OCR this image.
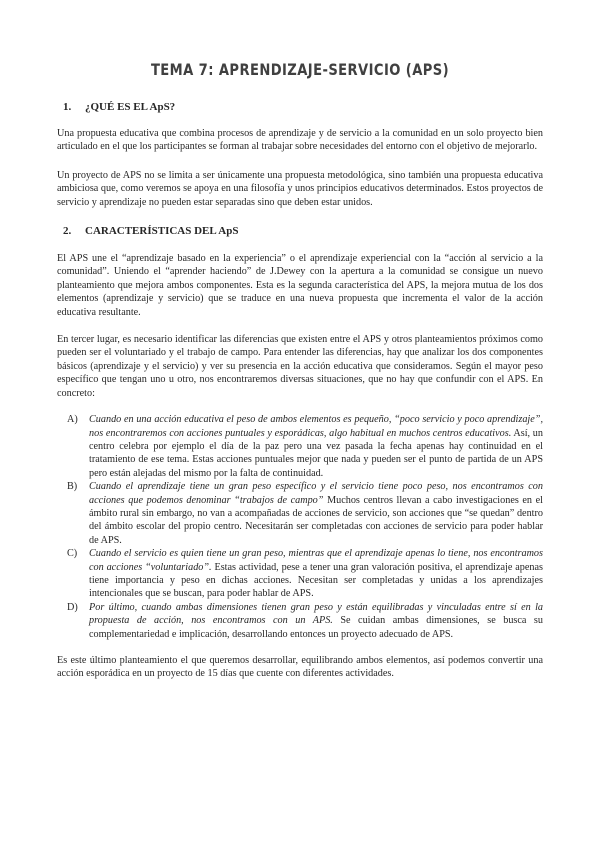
TEMA 7: APRENDIZAJE-SERVICIO (APS)
1.	¿QUÉ ES EL ApS?

Una propuesta educativa que combina procesos de aprendizaje y de servicio a la comunidad en un solo proyecto bien articulado en el que los participantes se forman al trabajar sobre necesidades del entorno con el objetivo de mejorarlo.

Un proyecto de APS no se limita a ser únicamente una propuesta metodológica, sino también una propuesta educativa ambiciosa que, como veremos se apoya en una filosofía y unos principios educativos determinados. Estos proyectos de servicio y aprendizaje no pueden estar separadas sino que deben estar unidos.

2.	CARACTERÍSTICAS DEL ApS

El APS une el “aprendizaje basado en la experiencia” o el aprendizaje experiencial con la “acción al servicio a la comunidad”. Uniendo el “aprender haciendo” de J.Dewey con la apertura a la comunidad se consigue un nuevo planteamiento que mejora ambos componentes. Esta es la segunda característica del APS, la mejora mutua de los dos elementos (aprendizaje y servicio) que se traduce en una nueva propuesta que incrementa el valor de la acción educativa resultante.

En tercer lugar, es necesario identificar las diferencias que existen entre el APS y otros planteamientos próximos como pueden ser el voluntariado y el trabajo de campo. Para entender las diferencias, hay que analizar los dos componentes básicos (aprendizaje y el servicio) y ver su presencia en la acción educativa que consideramos. Según el mayor peso específico que tengan uno u otro, nos encontraremos diversas situaciones, que no hay que confundir con el APS. En concreto:

A)	Cuando en una acción educativa el peso de ambos elementos es pequeño, “poco servicio y poco aprendizaje”, nos encontraremos con acciones puntuales y esporádicas, algo habitual en muchos centros educativos. Así, un centro celebra por ejemplo el día de la paz pero una vez pasada la fecha apenas hay continuidad en el tratamiento de ese tema. Estas acciones puntuales mejor que nada y pueden ser el punto de partida de un APS pero están alejadas del mismo por la falta de continuidad.

B)	Cuando el aprendizaje tiene un gran peso específico y el servicio tiene poco peso, nos encontramos con acciones que podemos denominar “trabajos de campo” Muchos centros llevan a cabo investigaciones en el ámbito rural sin embargo, no van a acompañadas de acciones de servicio, son acciones que “se quedan” dentro del ámbito escolar del propio centro. Necesitarán ser completadas con acciones de servicio para poder hablar de APS.

C)	Cuando el servicio es quien tiene un gran peso, mientras que el aprendizaje apenas lo tiene, nos encontramos con acciones “voluntariado”. Estas actividad, pese a tener una gran valoración positiva, el aprendizaje apenas tiene importancia y peso en dichas acciones. Necesitan ser completadas y unidas a los aprendizajes intencionales que se buscan, para poder hablar de APS.

D)	Por último, cuando ambas dimensiones tienen gran peso y están equilibradas y vinculadas entre sí en la propuesta de acción, nos encontramos con un APS. Se cuidan ambas dimensiones, se busca su complementariedad e implicación, desarrollando entonces un proyecto adecuado de APS.

Es este último planteamiento el que queremos desarrollar, equilibrando ambos elementos, así podemos convertir una acción esporádica en un proyecto de 15 días que cuente con diferentes actividades.
